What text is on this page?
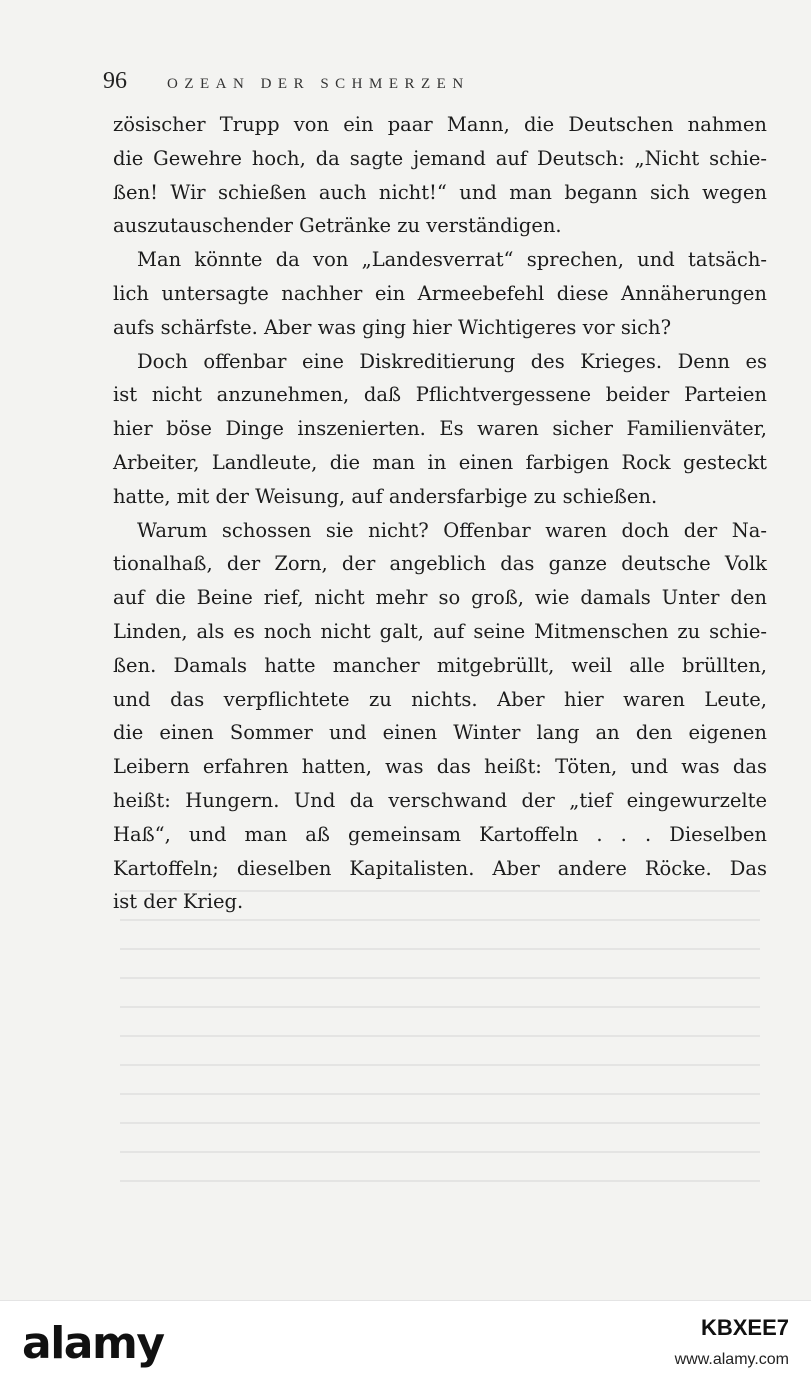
96	OZEAN DER SCHMERZEN
zösischer Trupp von ein paar Mann, die Deutschen nahmen
die Gewehre hoch, da sagte jemand auf Deutsch: „Nicht schie-
ßen! Wir schießen auch nicht!“ und man begann sich wegen
auszutauschender Getränke zu verständigen.
Man könnte da von „Landesverrat“ sprechen, und tatsäch-
lich untersagte nachher ein Armeebefehl diese Annäherungen
aufs schärfste. Aber was ging hier Wichtigeres vor sich?
Doch offenbar eine Diskreditierung des Krieges. Denn es
ist nicht anzunehmen, daß Pflichtvergessene beider Parteien
hier böse Dinge inszenierten. Es waren sicher Familienväter,
Arbeiter, Landleute, die man in einen farbigen Rock gesteckt
hatte, mit der Weisung, auf andersfarbige zu schießen.
Warum schossen sie nicht? Offenbar waren doch der Na-
tionalhaß, der Zorn, der angeblich das ganze deutsche Volk
auf die Beine rief, nicht mehr so groß, wie damals Unter den
Linden, als es noch nicht galt, auf seine Mitmenschen zu schie-
ßen. Damals hatte mancher mitgebrüllt, weil alle brüllten,
und das verpflichtete zu nichts. Aber hier waren Leute,
die einen Sommer und einen Winter lang an den eigenen
Leibern erfahren hatten, was das heißt: Töten, und was das
heißt: Hungern. Und da verschwand der „tief eingewurzelte
Haß“, und man aß gemeinsam Kartoffeln . . . Dieselben
Kartoffeln; dieselben Kapitalisten. Aber andere Röcke. Das
ist der Krieg.
alamy	KBXEE7
www.alamy.com
